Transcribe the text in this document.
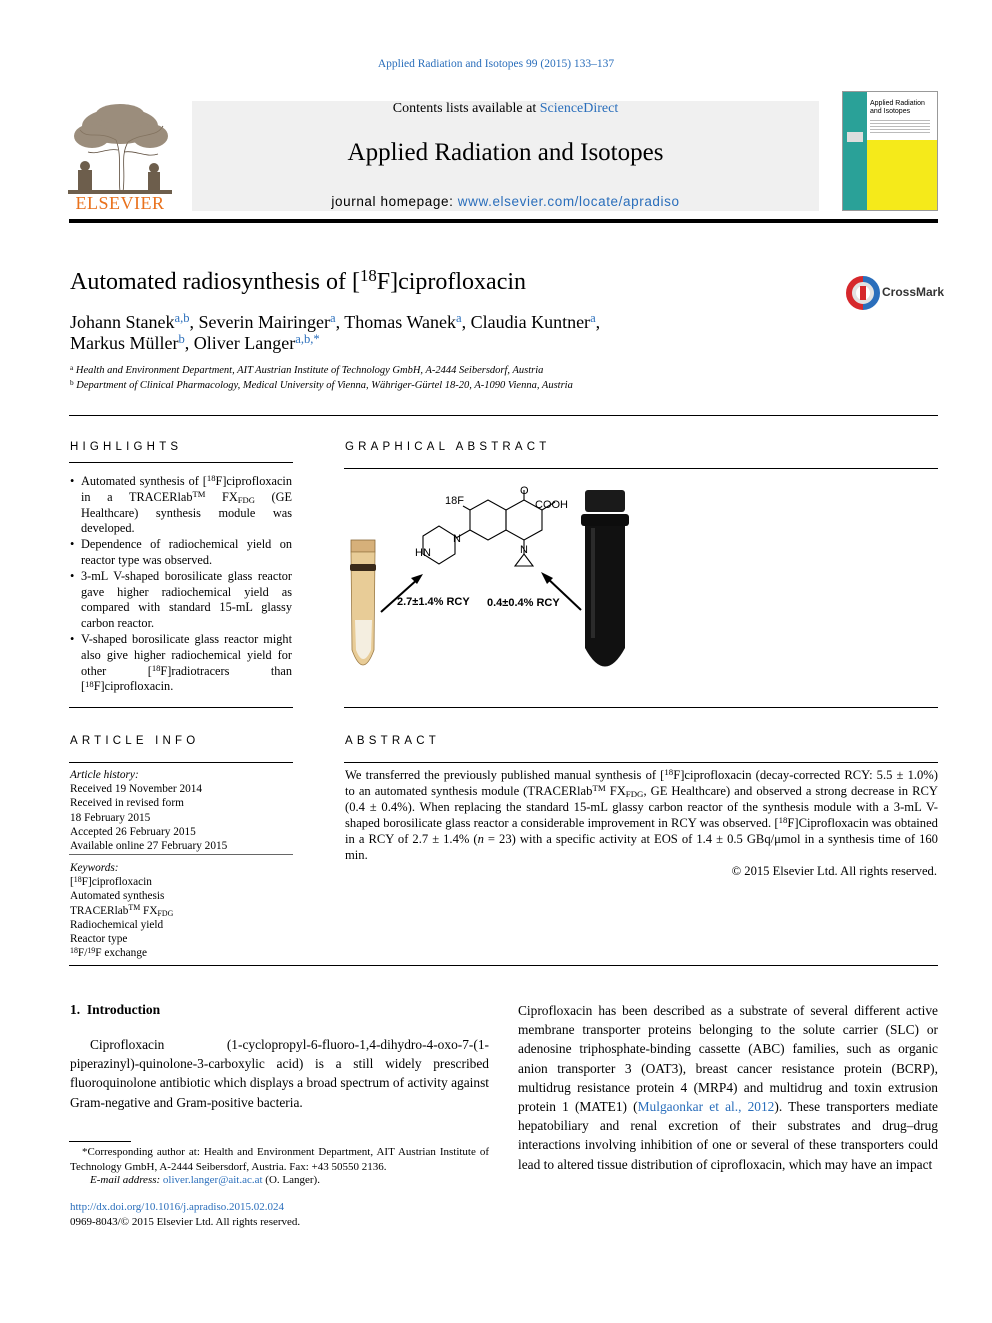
Applied Radiation and Isotopes 99 (2015) 133–137
ELSEVIER
Contents lists available at ScienceDirect
Applied Radiation and Isotopes
journal homepage: www.elsevier.com/locate/apradiso
Applied Radiation and Isotopes
Automated radiosynthesis of [$^{18}$F]ciprofloxacin	CrossMark
Johann Stanek$^{a,b}$, Severin Mairinger$^a$, Thomas Wanek$^a$, Claudia Kuntner$^a$,
Markus Müller$^b$, Oliver Langer$^{a,b,*}$
$^a$ Health and Environment Department, AIT Austrian Institute of Technology GmbH, A-2444 Seibersdorf, Austria
$^b$ Department of Clinical Pharmacology, Medical University of Vienna, Währiger-Gürtel 18-20, A-1090 Vienna, Austria
HIGHLIGHTS
• Automated synthesis of [$^{18}$F]ciprofloxacin in a TRACERlab™ $FX_{FDG}$ (GE Healthcare) synthesis module was developed.
• Dependence of radiochemical yield on reactor type was observed.
• 3-mL V-shaped borosilicate glass reactor gave higher radiochemical yield as compared with standard 15-mL glassy carbon reactor.
• V-shaped borosilicate glass reactor might also give higher radiochemical yield for other [$^{18}$F]radiotracers than [$^{18}$F]ciprofloxacin.
GRAPHICAL ABSTRACT
18F
O
COOH
HN
N
N
2.7±1.4% RCY 0.4±0.4% RCY
ARTICLE INFO
Article history:
Received 19 November 2014
Received in revised form
18 February 2015
Accepted 26 February 2015
Available online 27 February 2015
Keywords:
[$^{18}$F]ciprofloxacin
Automated synthesis
TRACERlab™ $FX_{FDG}$
Radiochemical yield
Reactor type
$^{18}$F/$^{19}$F exchange
ABSTRACT
We transferred the previously published manual synthesis of [$^{18}$F]ciprofloxacin (decay-corrected RCY: 5.5 ± 1.0%) to an automated synthesis module (TRACERlab™ $FX_{FDG}$, GE Healthcare) and observed a strong decrease in RCY (0.4 ± 0.4%). When replacing the standard 15-mL glassy carbon reactor of the synthesis module with a 3-mL V-shaped borosilicate glass reactor a considerable improvement in RCY was observed. [$^{18}$F]Ciprofloxacin was obtained in a RCY of 2.7 ± 1.4% (n = 23) with a specific activity at EOS of 1.4 ± 0.5 GBq/μmol in a synthesis time of 160 min.
© 2015 Elsevier Ltd. All rights reserved.
1.  Introduction
Ciprofloxacin (1-cyclopropyl-6-fluoro-1,4-dihydro-4-oxo-7-(1-piperazinyl)-quinolone-3-carboxylic acid) is a still widely prescribed fluoroquinolone antibiotic which displays a broad spectrum of activity against Gram-negative and Gram-positive bacteria.
Ciprofloxacin has been described as a substrate of several different active membrane transporter proteins belonging to the solute carrier (SLC) or adenosine triphosphate-binding cassette (ABC) families, such as organic anion transporter 3 (OAT3), breast cancer resistance protein (BCRP), multidrug resistance protein 4 (MRP4) and multidrug and toxin extrusion protein 1 (MATE1) (Mulgaonkar et al., 2012). These transporters mediate hepatobiliary and renal excretion of their substrates and drug–drug interactions involving inhibition of one or several of these transporters could lead to altered tissue distribution of ciprofloxacin, which may have an impact
*Corresponding author at: Health and Environment Department, AIT Austrian Institute of Technology GmbH, A-2444 Seibersdorf, Austria. Fax: +43 50550 2136.
E-mail address: oliver.langer@ait.ac.at (O. Langer).
http://dx.doi.org/10.1016/j.apradiso.2015.02.024
0969-8043/© 2015 Elsevier Ltd. All rights reserved.
